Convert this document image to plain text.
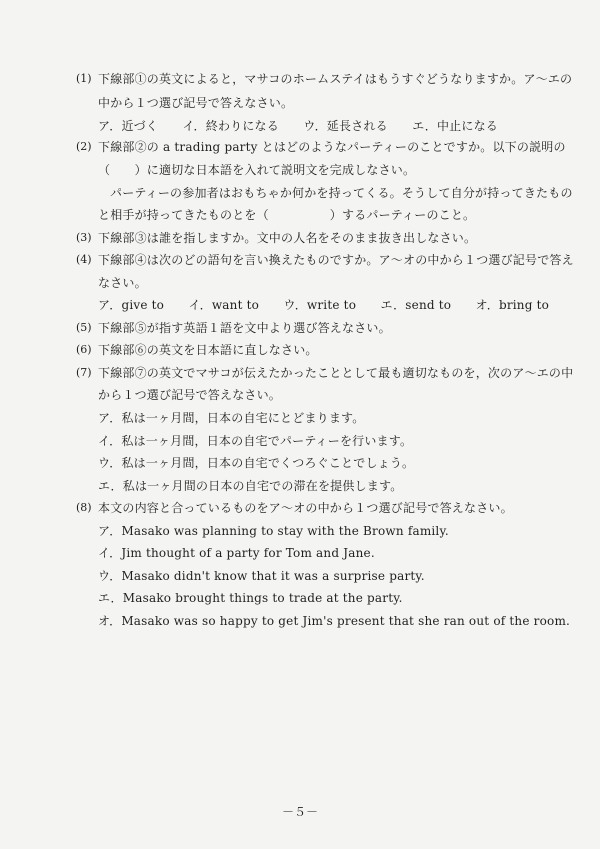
(1) 下線部①の英文によると，マサコのホームステイはもうすぐどうなりますか。ア～エの
中から１つ選び記号で答えなさい。
ア．近づく　　イ．終わりになる　　ウ．延長される　　エ．中止になる
(2) 下線部②の a trading party とはどのようなパーティーのことですか。以下の説明の
（　　）に適切な日本語を入れて説明文を完成しなさい。
パーティーの参加者はおもちゃか何かを持ってくる。そうして自分が持ってきたもの
と相手が持ってきたものとを（　　　　　）するパーティーのこと。
(3) 下線部③は誰を指しますか。文中の人名をそのまま抜き出しなさい。
(4) 下線部④は次のどの語句を言い換えたものですか。ア～オの中から１つ選び記号で答え
なさい。
ア．give to　　イ．want to　　ウ．write to　　エ．send to　　オ．bring to
(5) 下線部⑤が指す英語１語を文中より選び答えなさい。
(6) 下線部⑥の英文を日本語に直しなさい。
(7) 下線部⑦の英文でマサコが伝えたかったこととして最も適切なものを，次のア～エの中
から１つ選び記号で答えなさい。
ア．私は一ヶ月間，日本の自宅にとどまります。
イ．私は一ヶ月間，日本の自宅でパーティーを行います。
ウ．私は一ヶ月間，日本の自宅でくつろぐことでしょう。
エ．私は一ヶ月間の日本の自宅での滞在を提供します。
(8) 本文の内容と合っているものをア～オの中から１つ選び記号で答えなさい。
ア．Masako was planning to stay with the Brown family.
イ．Jim thought of a party for Tom and Jane.
ウ．Masako didn't know that it was a surprise party.
エ．Masako brought things to trade at the party.
オ．Masako was so happy to get Jim's present that she ran out of the room.
－５－
